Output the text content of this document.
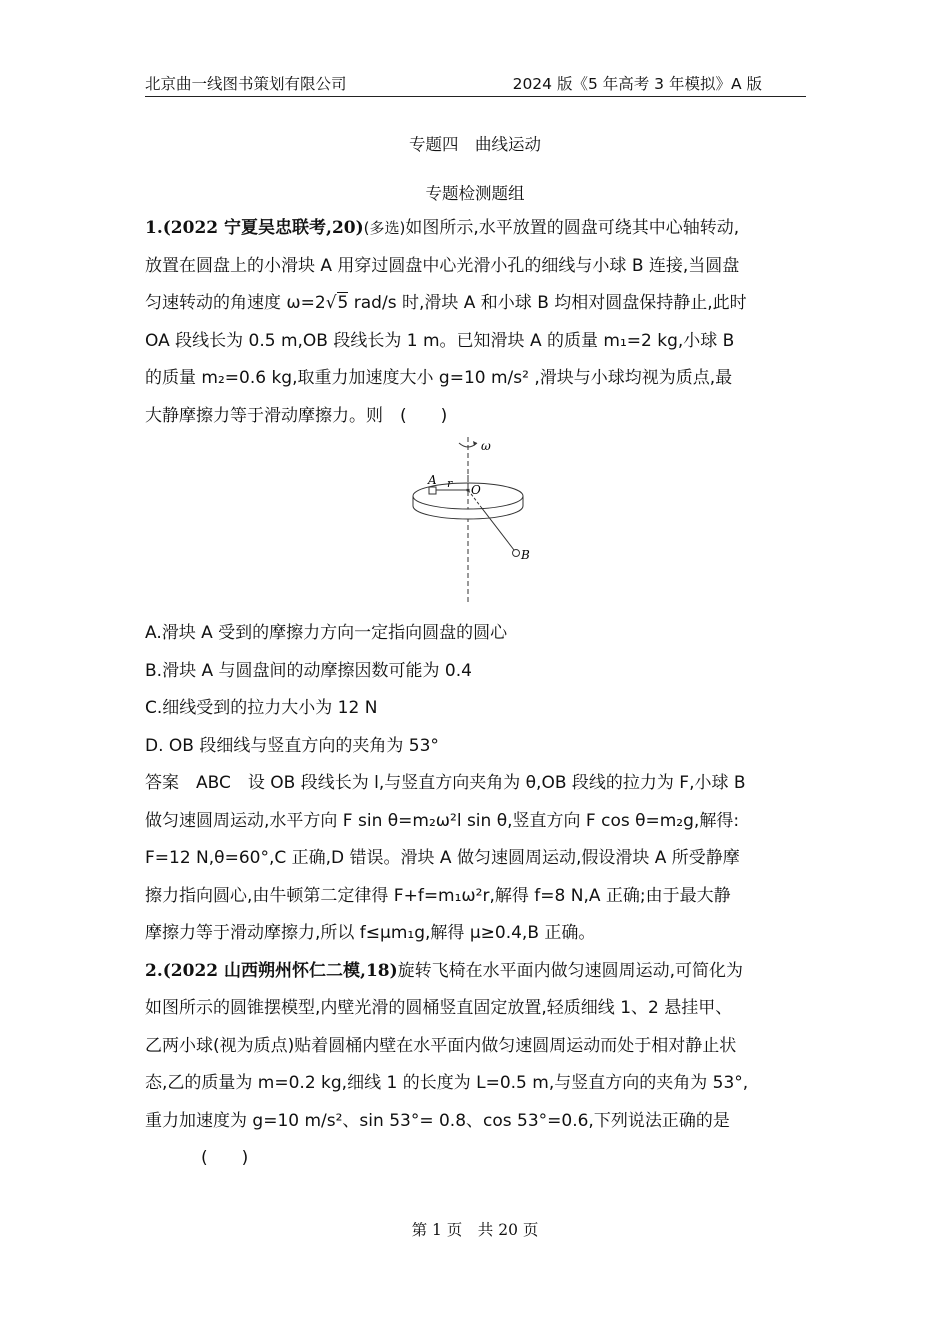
北京曲一线图书策划有限公司	2024 版《5 年高考 3 年模拟》A 版
专题四　曲线运动
专题检测题组

1.(2022 宁夏吴忠联考,20)(多选)如图所示,水平放置的圆盘可绕其中心轴转动,

放置在圆盘上的小滑块 A 用穿过圆盘中心光滑小孔的细线与小球 B 连接,当圆盘

匀速转动的角速度 ω=2√5 rad/s 时,滑块 A 和小球 B 均相对圆盘保持静止,此时

OA 段线长为 0.5 m,OB 段线长为 1 m。已知滑块 A 的质量 m₁=2 kg,小球 B

的质量 m₂=0.6 kg,取重力加速度大小 g=10 m/s² ,滑块与小球均视为质点,最

大静摩擦力等于滑动摩擦力。则　(　　)

ω
A r O
B

A.滑块 A 受到的摩擦力方向一定指向圆盘的圆心

B.滑块 A 与圆盘间的动摩擦因数可能为 0.4

C.细线受到的拉力大小为 12 N

D. OB 段细线与竖直方向的夹角为 53°

答案　ABC　设 OB 段线长为 l,与竖直方向夹角为 θ,OB 段线的拉力为 F,小球 B

做匀速圆周运动,水平方向 F sin θ=m₂ω²l sin θ,竖直方向 F cos θ=m₂g,解得:

F=12 N,θ=60°,C 正确,D 错误。滑块 A 做匀速圆周运动,假设滑块 A 所受静摩

擦力指向圆心,由牛顿第二定律得 F+f=m₁ω²r,解得 f=8 N,A 正确;由于最大静

摩擦力等于滑动摩擦力,所以 f≤μm₁g,解得 μ≥0.4,B 正确。

2.(2022 山西朔州怀仁二模,18)旋转飞椅在水平面内做匀速圆周运动,可简化为

如图所示的圆锥摆模型,内壁光滑的圆桶竖直固定放置,轻质细线 1、2 悬挂甲、

乙两小球(视为质点)贴着圆桶内壁在水平面内做匀速圆周运动而处于相对静止状

态,乙的质量为 m=0.2 kg,细线 1 的长度为 L=0.5 m,与竖直方向的夹角为 53°,

重力加速度为 g=10 m/s²、sin 53°= 0.8、cos 53°=0.6,下列说法正确的是

(　　)

第 1 页　共 20 页
